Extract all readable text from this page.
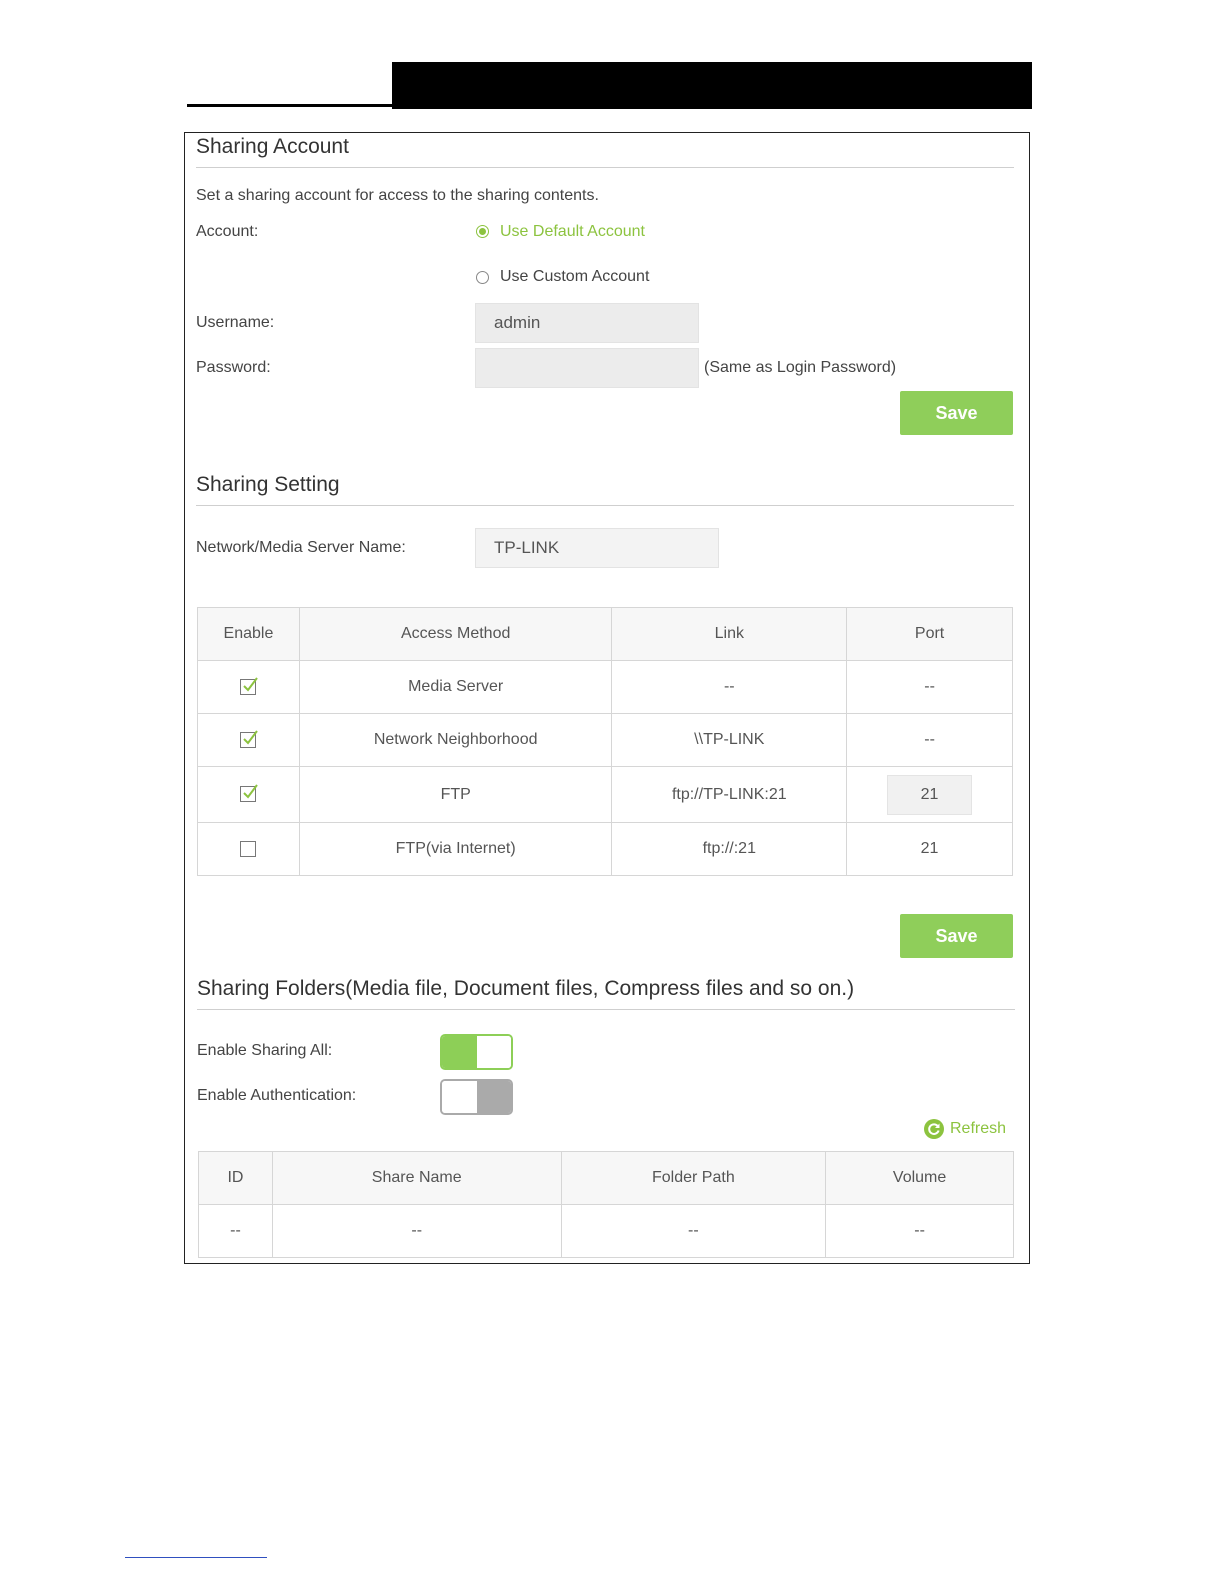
Sharing Account
Set a sharing account for access to the sharing contents.
Account:	Use Default Account
Use Custom Account
Username:	admin
Password:	(Same as Login Password)
Save
Sharing Setting
Network/Media Server Name:	TP-LINK
Enable	Access Method	Link	Port

	Media Server	--	--

	Network Neighborhood	\\TP-LINK	--

	FTP	ftp://TP-LINK:21	21
	FTP(via Internet)	ftp://:21	21
Save
Sharing Folders(Media file, Document files, Compress files and so on.)
Enable Sharing All:
Enable Authentication:
Refresh
ID	Share Name	Folder Path	Volume
--	--	--	--
